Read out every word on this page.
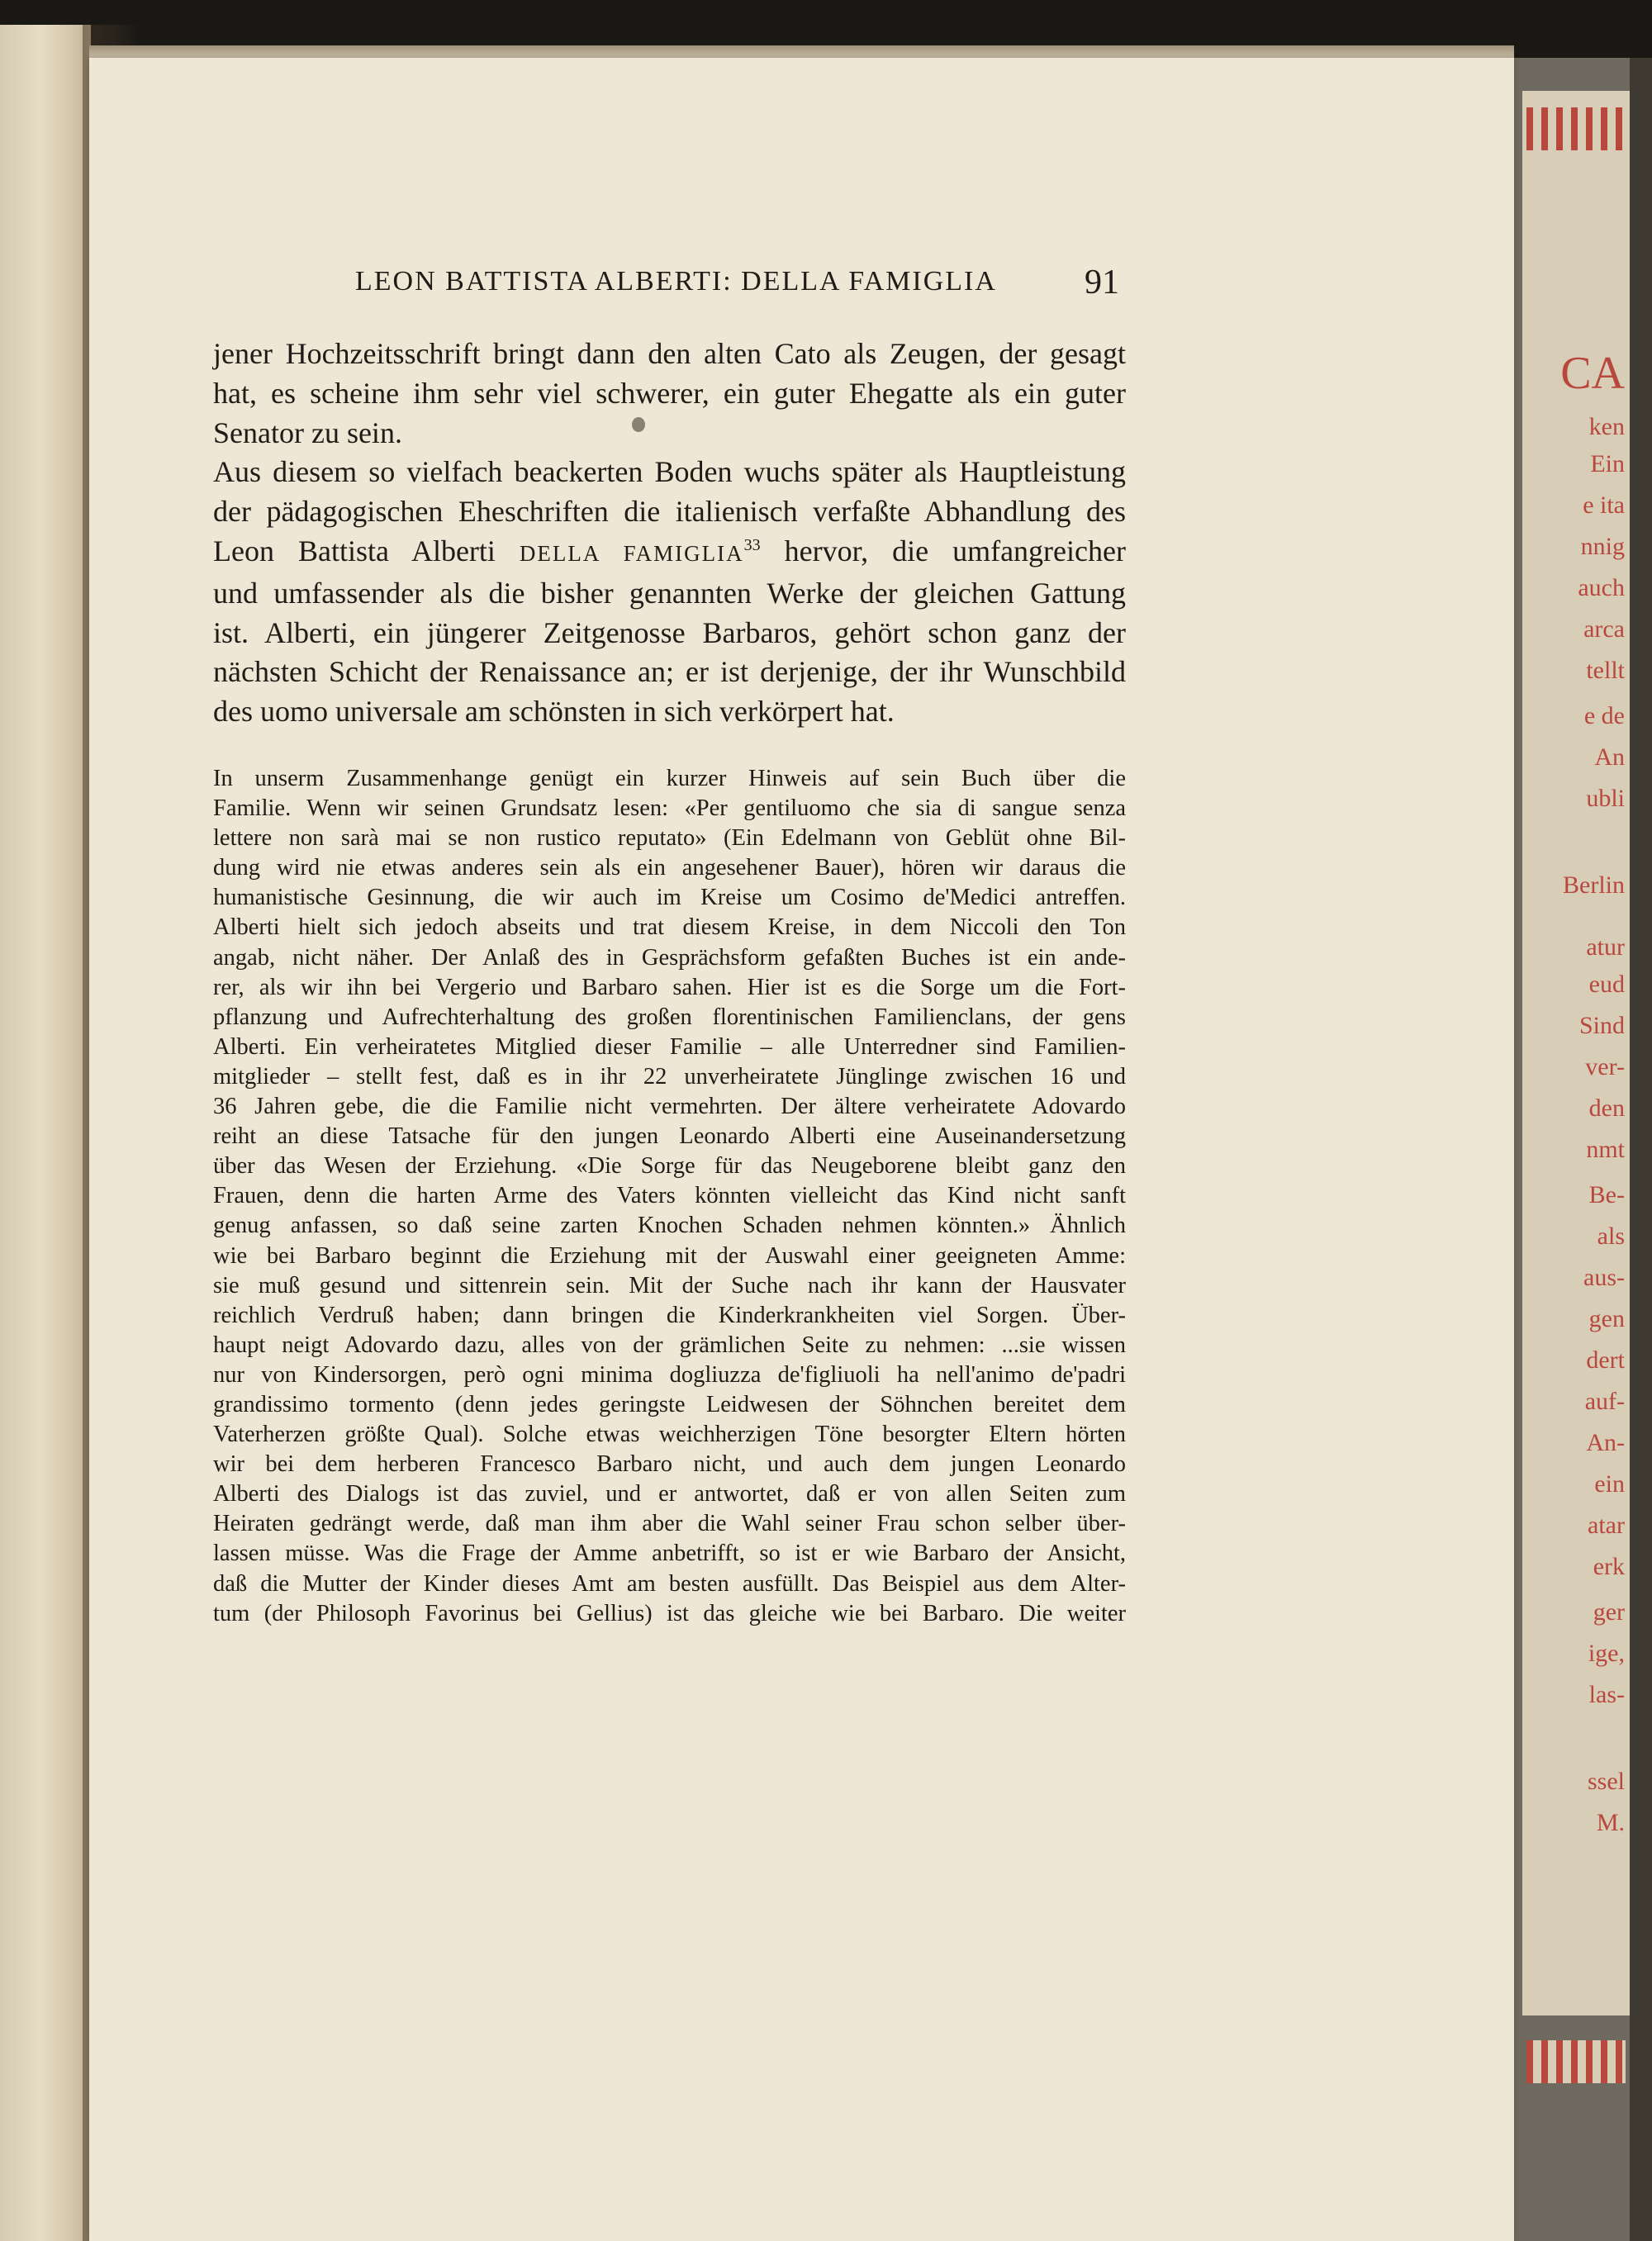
CA
ken
Ein
e ita
nnig
auch
arca
tellt
e de
An
ubli
Berlin
atur
eud
Sind
ver-
den
nmt
Be-
als
aus-
gen
dert
auf-
An-
ein
atar
erk
ger
ige,
las-
ssel
M.
LEON BATTISTA ALBERTI: DELLA FAMIGLIA	91

jener Hochzeitsschrift bringt dann den alten Cato als Zeugen, der gesagt
hat, es scheine ihm sehr viel schwerer, ein guter Ehegatte als ein guter
Senator zu sein.

Aus diesem so vielfach beackerten Boden wuchs später als Hauptleistung
der pädagogischen Eheschriften die italienisch verfaßte Abhandlung des
Leon Battista Alberti DELLA FAMIGLIA$^{33}$ hervor, die umfangreicher
und umfassender als die bisher genannten Werke der gleichen Gattung
ist. Alberti, ein jüngerer Zeitgenosse Barbaros, gehört schon ganz der
nächsten Schicht der Renaissance an; er ist derjenige, der ihr Wunschbild
des uomo universale am schönsten in sich verkörpert hat.

In unserm Zusammenhange genügt ein kurzer Hinweis auf sein Buch über die
Familie. Wenn wir seinen Grundsatz lesen: «Per gentiluomo che sia di sangue senza
lettere non sarà mai se non rustico reputato» (Ein Edelmann von Geblüt ohne Bil-
dung wird nie etwas anderes sein als ein angesehener Bauer), hören wir daraus die
humanistische Gesinnung, die wir auch im Kreise um Cosimo de'Medici antreffen.
Alberti hielt sich jedoch abseits und trat diesem Kreise, in dem Niccoli den Ton
angab, nicht näher. Der Anlaß des in Gesprächsform gefaßten Buches ist ein ande-
rer, als wir ihn bei Vergerio und Barbaro sahen. Hier ist es die Sorge um die Fort-
pflanzung und Aufrechterhaltung des großen florentinischen Familienclans, der gens
Alberti. Ein verheiratetes Mitglied dieser Familie – alle Unterredner sind Familien-
mitglieder – stellt fest, daß es in ihr 22 unverheiratete Jünglinge zwischen 16 und
36 Jahren gebe, die die Familie nicht vermehrten. Der ältere verheiratete Adovardo
reiht an diese Tatsache für den jungen Leonardo Alberti eine Auseinandersetzung
über das Wesen der Erziehung. «Die Sorge für das Neugeborene bleibt ganz den
Frauen, denn die harten Arme des Vaters könnten vielleicht das Kind nicht sanft
genug anfassen, so daß seine zarten Knochen Schaden nehmen könnten.» Ähnlich
wie bei Barbaro beginnt die Erziehung mit der Auswahl einer geeigneten Amme:
sie muß gesund und sittenrein sein. Mit der Suche nach ihr kann der Hausvater
reichlich Verdruß haben; dann bringen die Kinderkrankheiten viel Sorgen. Über-
haupt neigt Adovardo dazu, alles von der grämlichen Seite zu nehmen: ...sie wissen
nur von Kindersorgen, però ogni minima dogliuzza de'figliuoli ha nell'animo de'padri
grandissimo tormento (denn jedes geringste Leidwesen der Söhnchen bereitet dem
Vaterherzen größte Qual). Solche etwas weichherzigen Töne besorgter Eltern hörten
wir bei dem herberen Francesco Barbaro nicht, und auch dem jungen Leonardo
Alberti des Dialogs ist das zuviel, und er antwortet, daß er von allen Seiten zum
Heiraten gedrängt werde, daß man ihm aber die Wahl seiner Frau schon selber über-
lassen müsse. Was die Frage der Amme anbetrifft, so ist er wie Barbaro der Ansicht,
daß die Mutter der Kinder dieses Amt am besten ausfüllt. Das Beispiel aus dem Alter-
tum (der Philosoph Favorinus bei Gellius) ist das gleiche wie bei Barbaro. Die weiter
